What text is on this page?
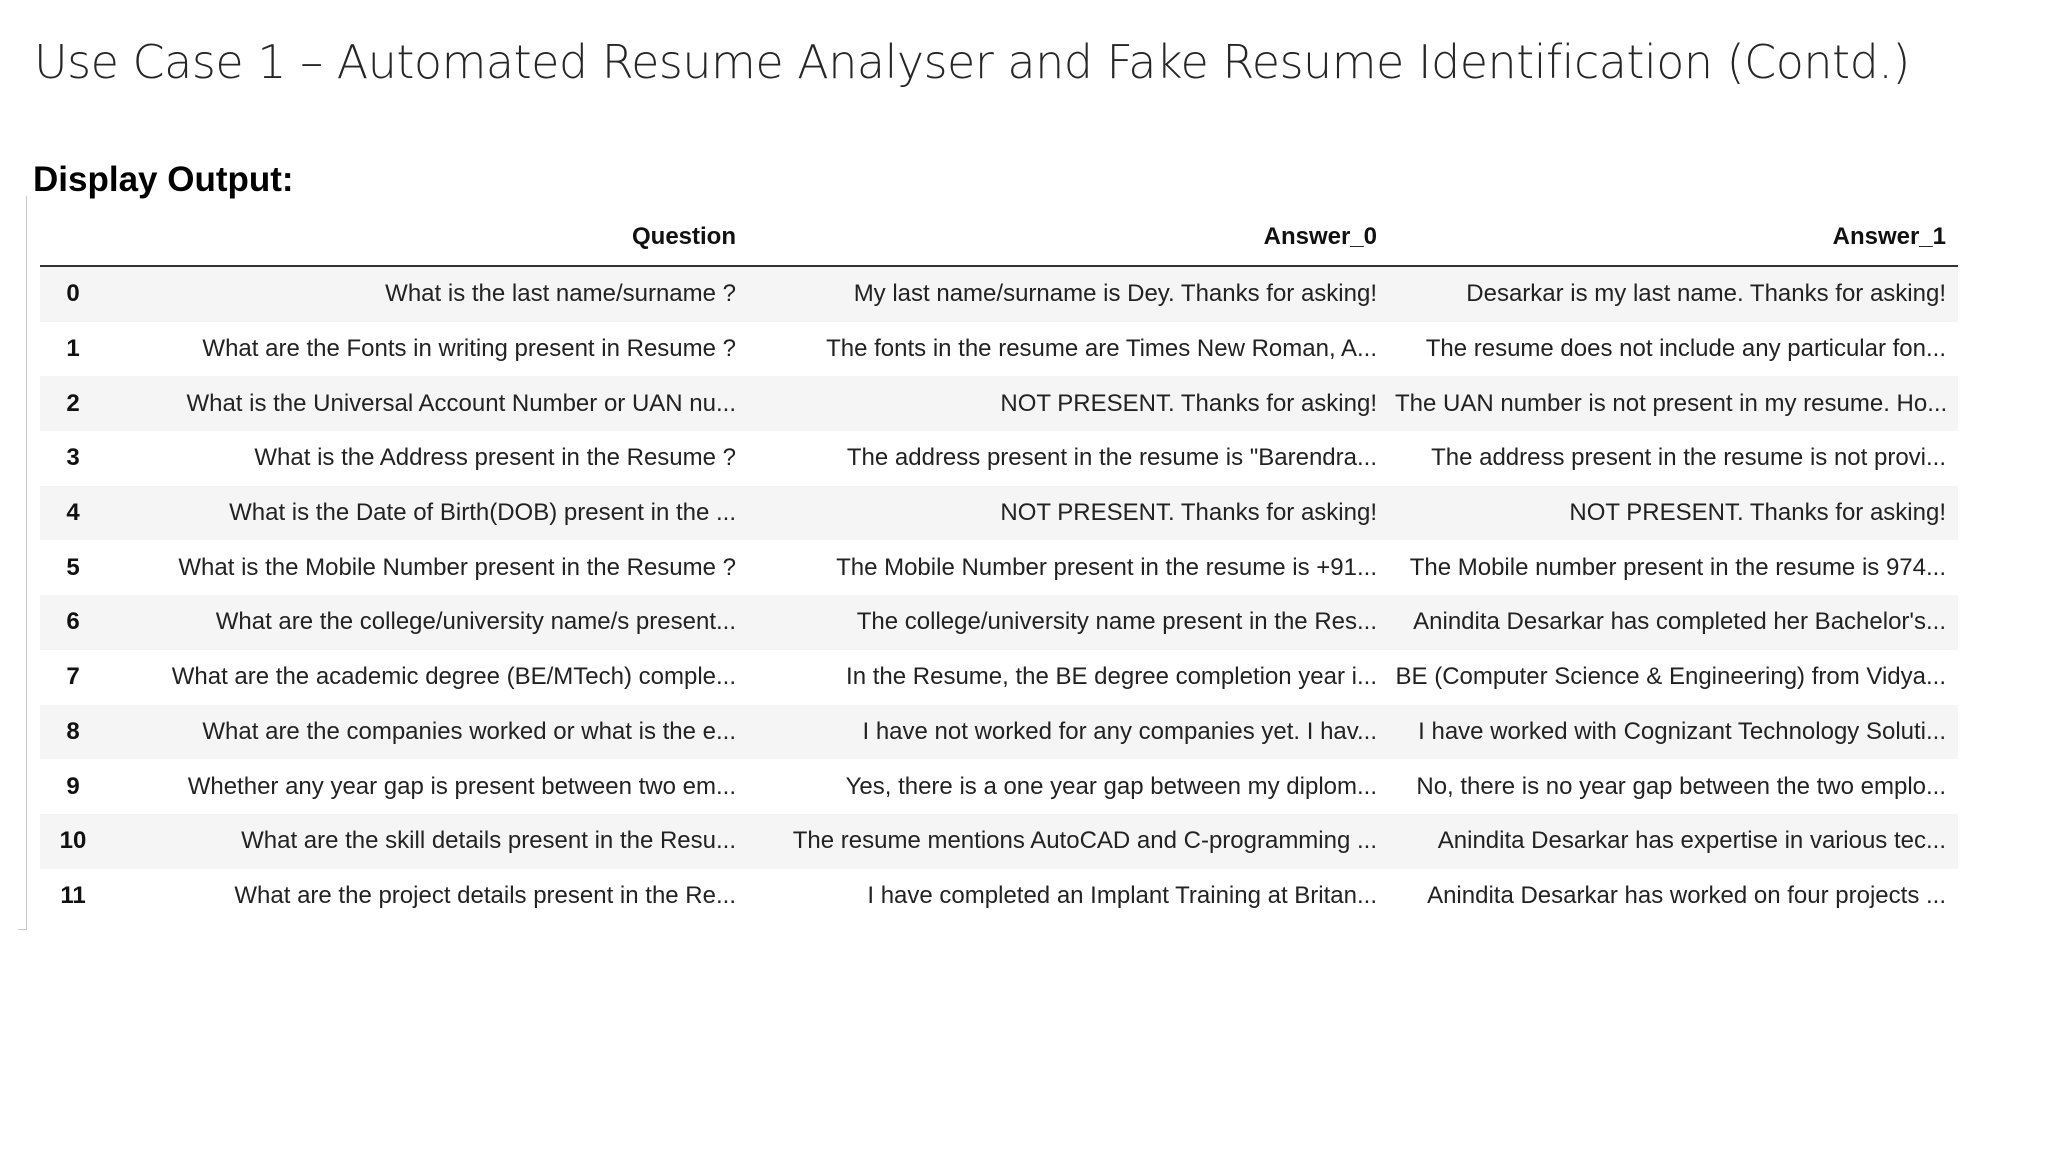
Use Case 1 – Automated Resume Analyser and Fake Resume Identification (Contd.)
Display Output:
	Question	Answer_0	Answer_1
0	What is the last name/surname ?	My last name/surname is Dey. Thanks for asking!	Desarkar is my last name. Thanks for asking!
1	What are the Fonts in writing present in Resume ?	The fonts in the resume are Times New Roman, A...	The resume does not include any particular fon...
2	What is the Universal Account Number or UAN nu...	NOT PRESENT. Thanks for asking!	The UAN number is not present in my resume. Ho...
3	What is the Address present in the Resume ?	The address present in the resume is "Barendra...	The address present in the resume is not provi...
4	What is the Date of Birth(DOB) present in the ...	NOT PRESENT. Thanks for asking!	NOT PRESENT. Thanks for asking!
5	What is the Mobile Number present in the Resume ?	The Mobile Number present in the resume is +91...	The Mobile number present in the resume is 974...
6	What are the college/university name/s present...	The college/university name present in the Res...	Anindita Desarkar has completed her Bachelor's...
7	What are the academic degree (BE/MTech) comple...	In the Resume, the BE degree completion year i...	BE (Computer Science & Engineering) from Vidya...
8	What are the companies worked or what is the e...	I have not worked for any companies yet. I hav...	I have worked with Cognizant Technology Soluti...
9	Whether any year gap is present between two em...	Yes, there is a one year gap between my diplom...	No, there is no year gap between the two emplo...
10	What are the skill details present in the Resu...	The resume mentions AutoCAD and C-programming ...	Anindita Desarkar has expertise in various tec...
11	What are the project details present in the Re...	I have completed an Implant Training at Britan...	Anindita Desarkar has worked on four projects ...
